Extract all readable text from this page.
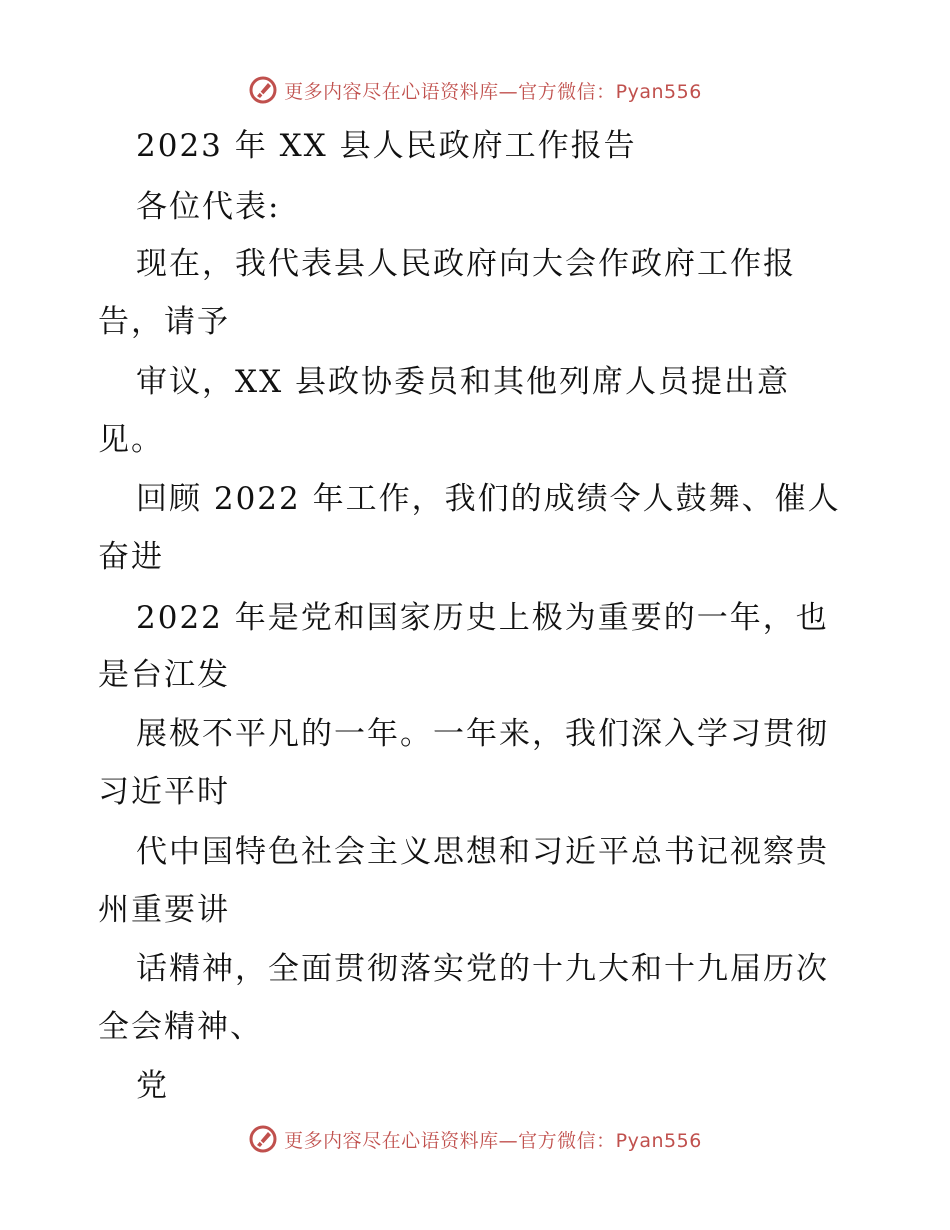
更多内容尽在心语资料库—官方微信：Pyan556
2023 年 XX 县人民政府工作报告
各位代表:
现在，我代表县人民政府向大会作政府工作报
告，请予
审议，XX 县政协委员和其他列席人员提出意
见。
回顾 2022 年工作，我们的成绩令人鼓舞、催人
奋进
2022 年是党和国家历史上极为重要的一年，也
是台江发
展极不平凡的一年。一年来，我们深入学习贯彻
习近平时
代中国特色社会主义思想和习近平总书记视察贵
州重要讲
话精神，全面贯彻落实党的十九大和十九届历次
全会精神、
党
更多内容尽在心语资料库—官方微信：Pyan556
